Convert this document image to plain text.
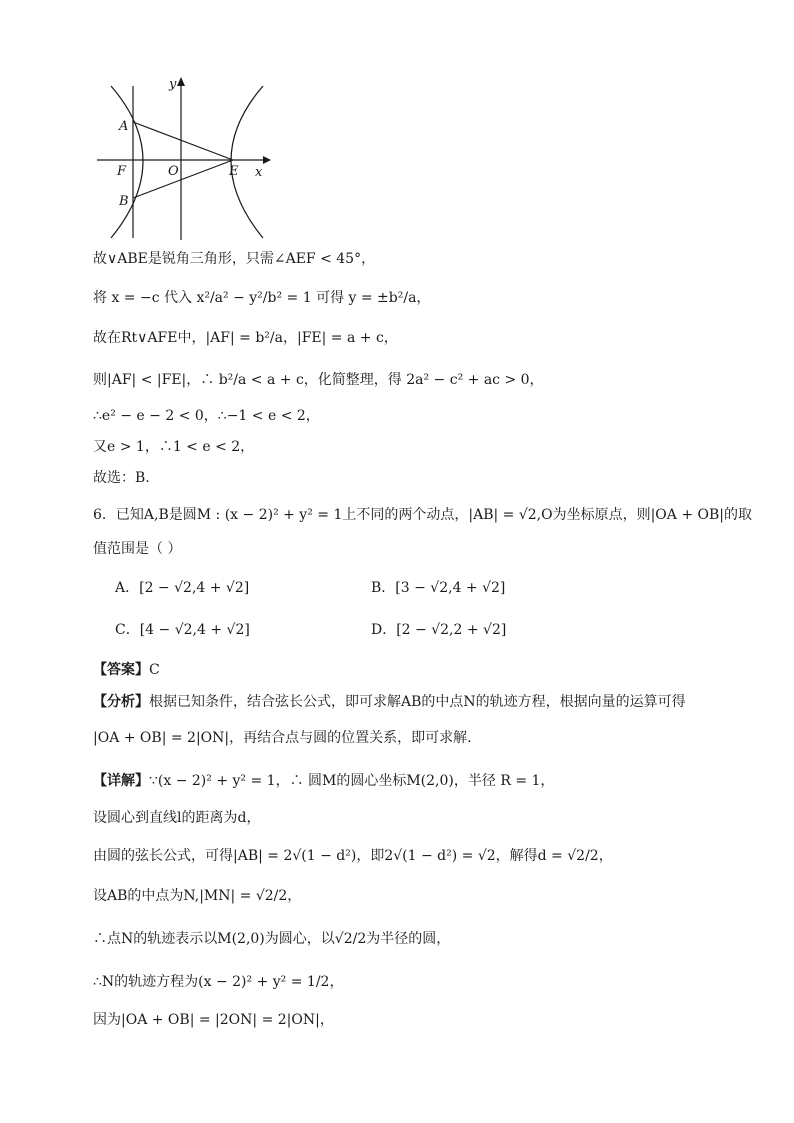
y
x
A
B
F	O	E
故∨ABE是锐角三角形，只需∠AEF < 45°，
将 x = −c 代入 x²/a² − y²/b² = 1 可得 y = ±b²/a，
故在Rt∨AFE中，|AF| = b²/a，|FE| = a + c，
则|AF| < |FE|，∴ b²/a < a + c，化简整理，得 2a² − c² + ac > 0，
∴e² − e − 2 < 0，∴−1 < e < 2，
又e > 1，∴1 < e < 2，
故选：B.
6．已知A,B是圆M : (x − 2)² + y² = 1上不同的两个动点，|AB| = √2,O为坐标原点，则|OA + OB|的取
值范围是（ ）
A．[2 − √2,4 + √2]	B．[3 − √2,4 + √2]
C．[4 − √2,4 + √2]	D．[2 − √2,2 + √2]
【答案】C
【分析】根据已知条件，结合弦长公式，即可求解AB的中点N的轨迹方程，根据向量的运算可得
|OA + OB| = 2|ON|，再结合点与圆的位置关系，即可求解.
【详解】∵(x − 2)² + y² = 1，∴ 圆M的圆心坐标M(2,0)，半径 R = 1，
设圆心到直线l的距离为d，
由圆的弦长公式，可得|AB| = 2√(1 − d²)，即2√(1 − d²) = √2，解得d = √2/2，
设AB的中点为N,|MN| = √2/2，
∴点N的轨迹表示以M(2,0)为圆心，以√2/2为半径的圆，
∴N的轨迹方程为(x − 2)² + y² = 1/2，
因为|OA + OB| = |2ON| = 2|ON|，
